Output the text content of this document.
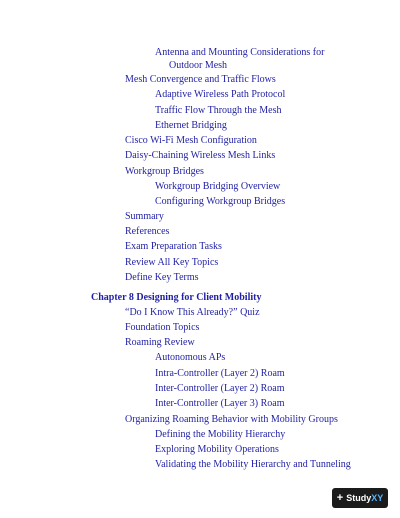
Antenna and Mounting Considerations for
Outdoor Mesh
Mesh Convergence and Traffic Flows
Adaptive Wireless Path Protocol
Traffic Flow Through the Mesh
Ethernet Bridging
Cisco Wi-Fi Mesh Configuration
Daisy-Chaining Wireless Mesh Links
Workgroup Bridges
Workgroup Bridging Overview
Configuring Workgroup Bridges
Summary
References
Exam Preparation Tasks
Review All Key Topics
Define Key Terms
Chapter 8 Designing for Client Mobility
“Do I Know This Already?” Quiz
Foundation Topics
Roaming Review
Autonomous APs
Intra-Controller (Layer 2) Roam
Inter-Controller (Layer 2) Roam
Inter-Controller (Layer 3) Roam
Organizing Roaming Behavior with Mobility Groups
Defining the Mobility Hierarchy
Exploring Mobility Operations
Validating the Mobility Hierarchy and Tunneling
+ Study XY
